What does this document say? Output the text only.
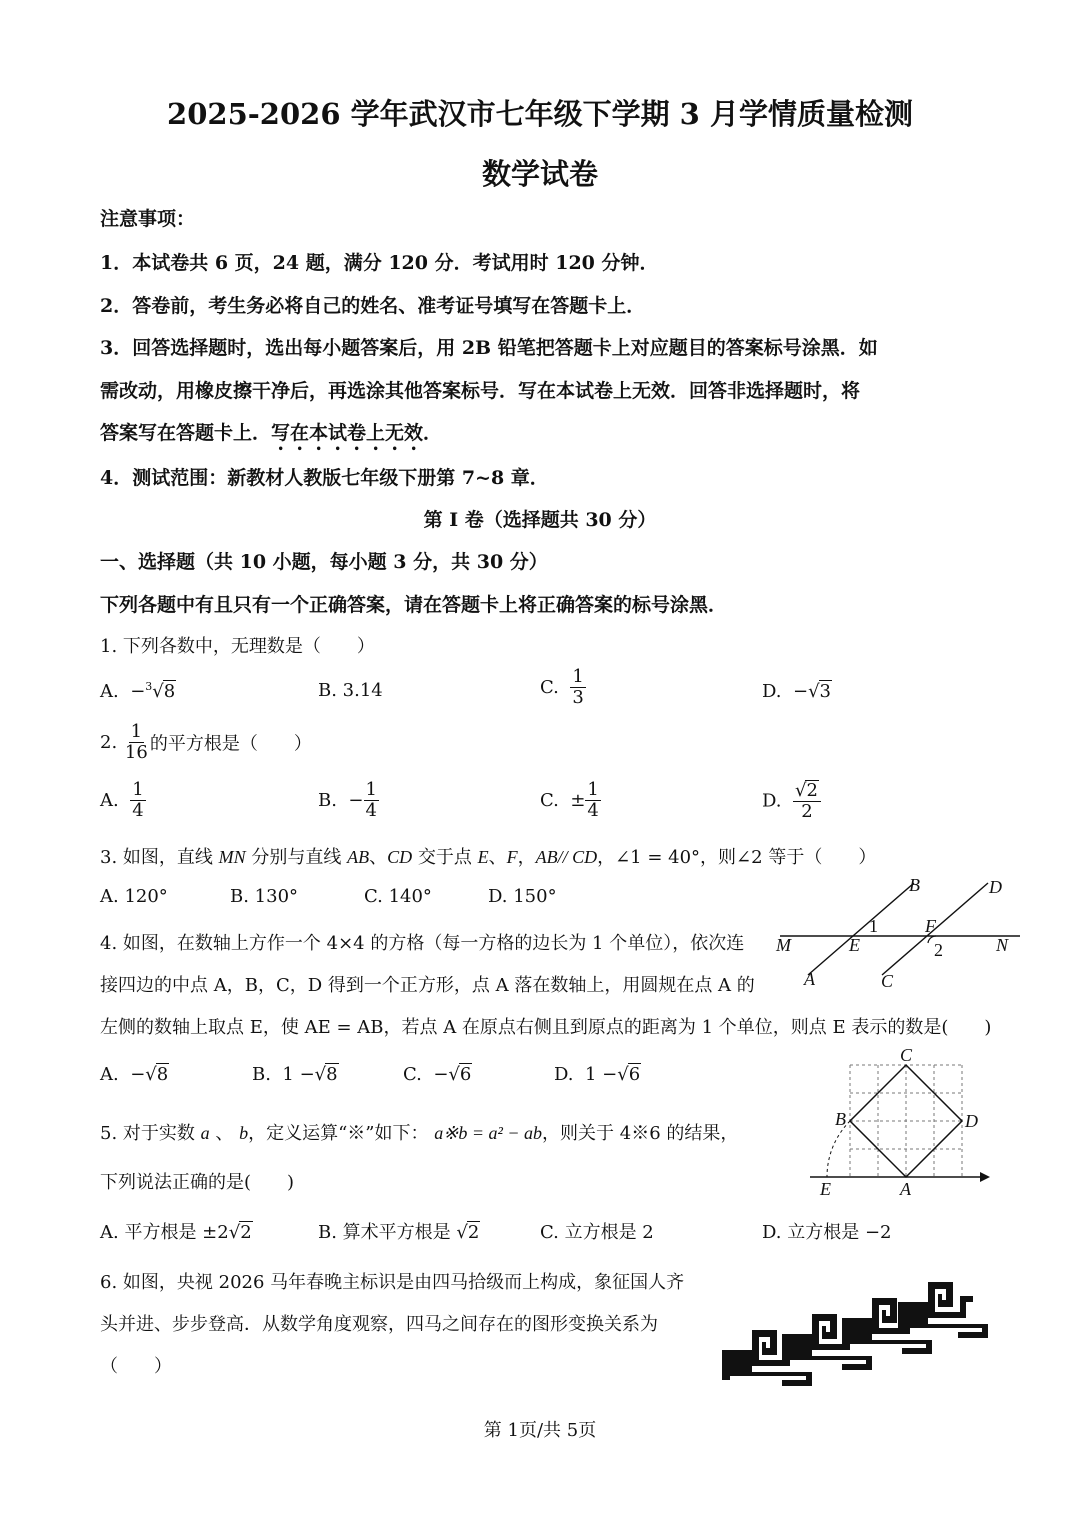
2025-2026 学年武汉市七年级下学期 3 月学情质量检测
数学试卷
注意事项：
1．本试卷共 6 页，24 题，满分 120 分．考试用时 120 分钟．
2．答卷前，考生务必将自己的姓名、准考证号填写在答题卡上．
3．回答选择题时，选出每小题答案后，用 2B 铅笔把答题卡上对应题目的答案标号涂黑．如
需改动，用橡皮擦干净后，再选涂其他答案标号．写在本试卷上无效．回答非选择题时，将
答案写在答题卡上．写在本试卷上无效．
4．测试范围：新教材人教版七年级下册第 7~8 章．
第 I 卷（选择题共 30 分）
一、选择题（共 10 小题，每小题 3 分，共 30 分）
下列各题中有且只有一个正确答案，请在答题卡上将正确答案的标号涂黑．
1. 下列各数中，无理数是（　　）
A. −$^3$√8	B. 3.14	C. $\frac{1}{3}$	D. −√3
2. $\frac{1}{16}$ 的平方根是（　　）
A. $\frac{1}{4}$	B. − $\frac{1}{4}$	C. ± $\frac{1}{4}$	D. $\frac{√2}{2}$
3. 如图，直线 MN 分别与直线 AB、CD 交于点 E、F，AB// CD，∠1 = 40°，则∠2 等于（　　）
A. 120°	B. 130°	C. 140°	D. 150°
B	D
1	F
M	E	2	N
A	C
4. 如图，在数轴上方作一个 4×4 的方格（每一方格的边长为 1 个单位），依次连
接四边的中点 A，B，C，D 得到一个正方形，点 A 落在数轴上，用圆规在点 A 的
左侧的数轴上取点 E，使 AE = AB，若点 A 在原点右侧且到原点的距离为 1 个单位，则点 E 表示的数是(　　)
A. −√8	B. 1 −√8	C. −√6	D. 1 −√6
C
B	D
E	A
5. 对于实数 a 、 b，定义运算“※”如下： a※b = a² − ab，则关于 4※6 的结果，
下列说法正确的是(　　)
A. 平方根是 ±2√2	B. 算术平方根是 √2	C. 立方根是 2	D. 立方根是 −2
6. 如图，央视 2026 马年春晚主标识是由四马拾级而上构成，象征国人齐
头并进、步步登高．从数学角度观察，四马之间存在的图形变换关系为
（　　）
第 1页/共 5页
